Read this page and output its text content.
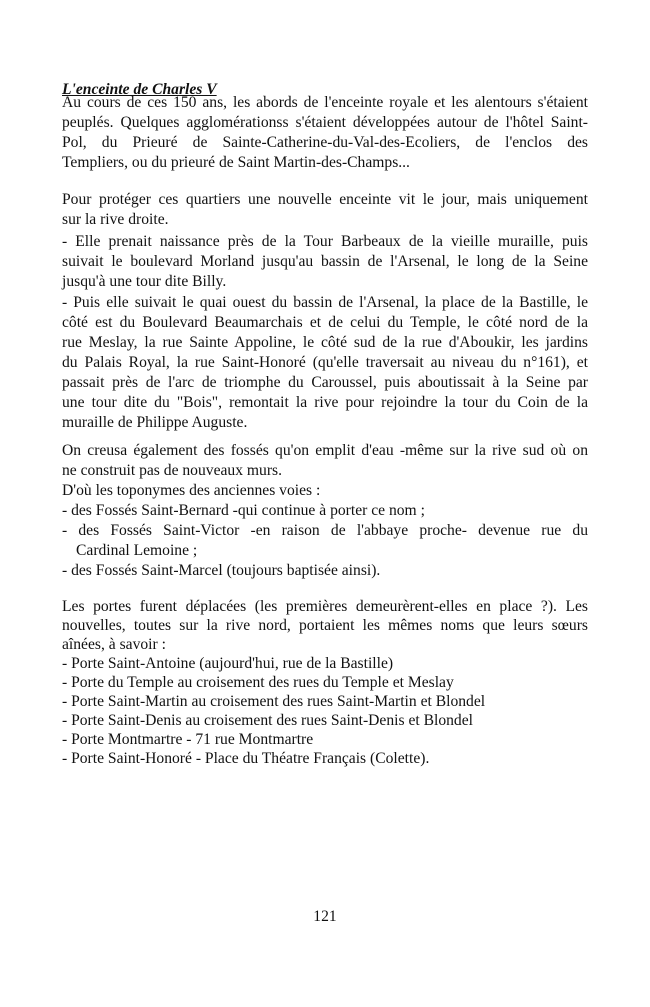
L'enceinte de Charles V
Au cours de ces 150 ans, les abords de l'enceinte royale et les alentours s'étaient
peuplés. Quelques agglomérationss s'étaient développées autour de l'hôtel Saint-
Pol, du Prieuré de Sainte-Catherine-du-Val-des-Ecoliers, de l'enclos des
Templiers, ou du prieuré de Saint Martin-des-Champs...
Pour protéger ces quartiers une nouvelle enceinte vit le jour, mais uniquement
sur la rive droite.
- Elle prenait naissance près de la Tour Barbeaux de la vieille muraille, puis
suivait le boulevard Morland jusqu'au bassin de l'Arsenal, le long de la Seine
jusqu'à une tour dite Billy.
- Puis elle suivait le quai ouest du bassin de l'Arsenal, la place de la Bastille, le
côté est du Boulevard Beaumarchais et de celui du Temple, le côté nord de la
rue Meslay, la rue Sainte Appoline, le côté sud de la rue d'Aboukir, les jardins
du Palais Royal, la rue Saint-Honoré (qu'elle traversait au niveau du n°161), et
passait près de l'arc de triomphe du Caroussel, puis aboutissait à la Seine par
une tour dite du "Bois", remontait la rive pour rejoindre la tour du Coin de la
muraille de Philippe Auguste.
On creusa également des fossés qu'on emplit d'eau -même sur la rive sud où on
ne construit pas de nouveaux murs.
D'où les toponymes des anciennes voies :
- des Fossés Saint-Bernard -qui continue à porter ce nom ;
- des Fossés Saint-Victor -en raison de l'abbaye proche- devenue rue du
Cardinal Lemoine ;
- des Fossés Saint-Marcel (toujours baptisée ainsi).
Les portes furent déplacées (les premières demeurèrent-elles en place ?). Les
nouvelles, toutes sur la rive nord, portaient les mêmes noms que leurs sœurs
aînées, à savoir :
- Porte Saint-Antoine (aujourd'hui, rue de la Bastille)
- Porte du Temple au croisement des rues du Temple et Meslay
- Porte Saint-Martin au croisement des rues Saint-Martin et Blondel
- Porte Saint-Denis au croisement des rues Saint-Denis et Blondel
- Porte Montmartre - 71 rue Montmartre
- Porte Saint-Honoré - Place du Théatre Français (Colette).
121
